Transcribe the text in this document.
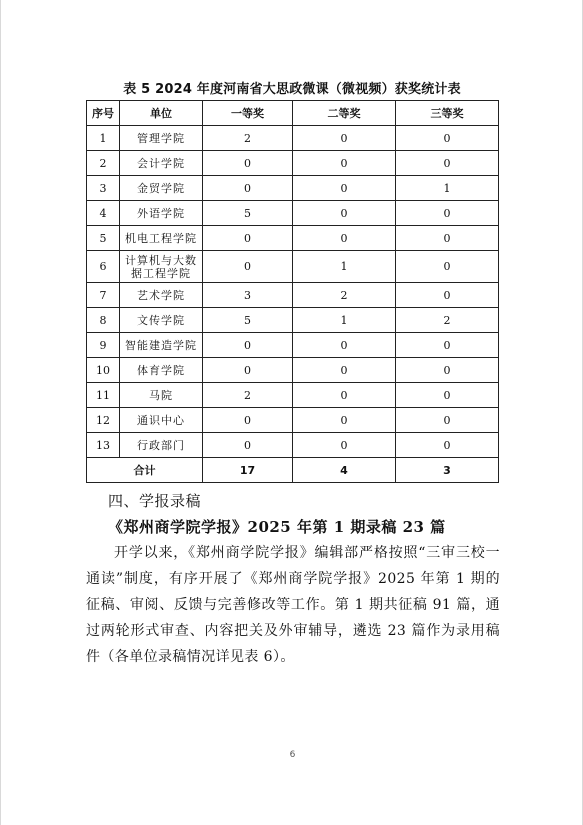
表 5 2024 年度河南省大思政微课（微视频）获奖统计表
序号	单位	一等奖	二等奖	三等奖
1	管理学院	2	0	0
2	会计学院	0	0	0
3	金贸学院	0	0	1
4	外语学院	5	0	0
5	机电工程学院	0	0	0
6	计算机与大数据工程学院	0	1	0
7	艺术学院	3	2	0
8	文传学院	5	1	2
9	智能建造学院	0	0	0
10	体育学院	0	0	0
11	马院	2	0	0
12	通识中心	0	0	0
13	行政部门	0	0	0
合计		17	4	3
四、学报录稿
《郑州商学院学报》2025 年第 1 期录稿 23 篇

开学以来，《郑州商学院学报》编辑部严格按照“三审三校一通读”制度，有序开展了《郑州商学院学报》2025 年第 1 期的征稿、审阅、反馈与完善修改等工作。第 1 期共征稿 91 篇，通过两轮形式审查、内容把关及外审辅导，遴选 23 篇作为录用稿件（各单位录稿情况详见表 6）。

6
